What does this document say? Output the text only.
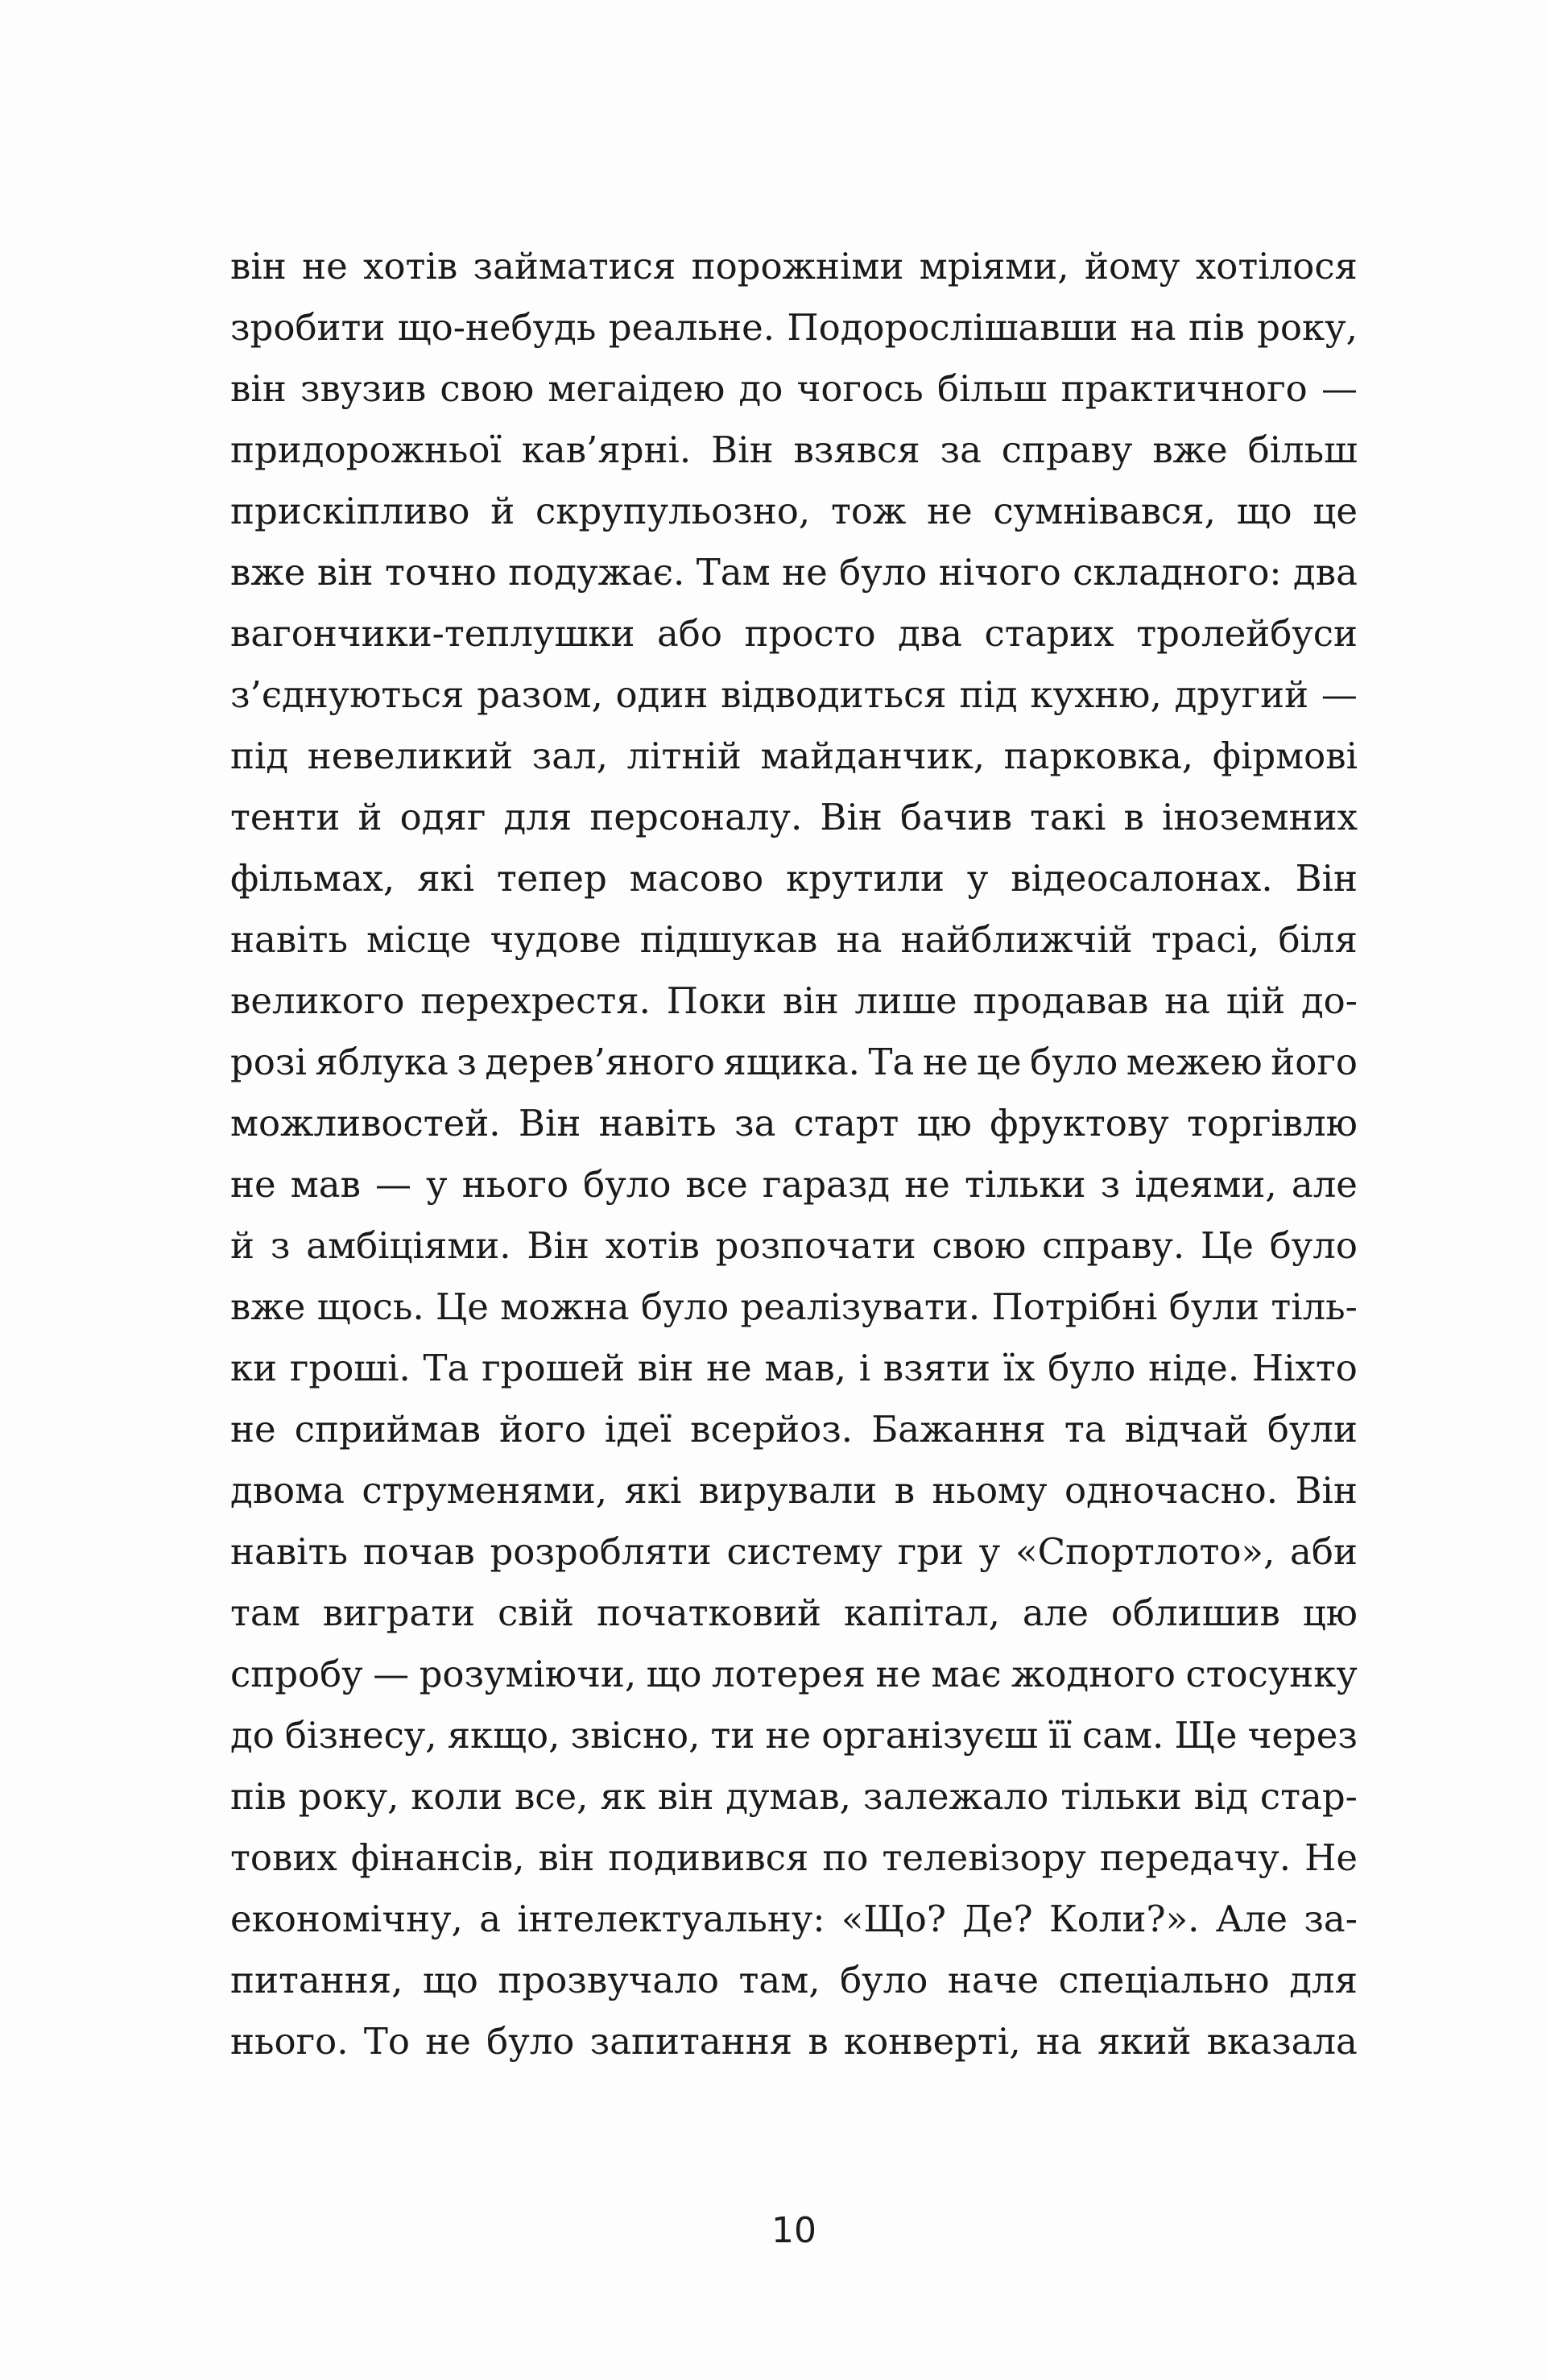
він не хотів займатися порожніми мріями, йому хотілося
зробити що-небудь реальне. Подорослішавши на пів року,
він звузив свою мегаідею до чогось більш практичного —
придорожньої кав’ярні. Він взявся за справу вже більш
прискіпливо й скрупульозно, тож не сумнівався, що це
вже він точно подужає. Там не було нічого складного: два
вагончики-теплушки або просто два старих тролейбуси
з’єднуються разом, один відводиться під кухню, другий —
під невеликий зал, літній майданчик, парковка, фірмові
тенти й одяг для персоналу. Він бачив такі в іноземних
фільмах, які тепер масово крутили у відеосалонах. Він
навіть місце чудове підшукав на найближчій трасі, біля
великого перехрестя. Поки він лише продавав на цій до-
розі яблука з дерев’яного ящика. Та не це було межею його
можливостей. Він навіть за старт цю фруктову торгівлю
не мав — у нього було все гаразд не тільки з ідеями, але
й з амбіціями. Він хотів розпочати свою справу. Це було
вже щось. Це можна було реалізувати. Потрібні були тіль-
ки гроші. Та грошей він не мав, і взяти їх було ніде. Ніхто
не сприймав його ідеї всерйоз. Бажання та відчай були
двома струменями, які вирували в ньому одночасно. Він
навіть почав розробляти систему гри у «Спортлото», аби
там виграти свій початковий капітал, але облишив цю
спробу — розуміючи, що лотерея не має жодного стосунку
до бізнесу, якщо, звісно, ти не організуєш її сам. Ще через
пів року, коли все, як він думав, залежало тільки від стар-
тових фінансів, він подивився по телевізору передачу. Не
економічну, а інтелектуальну: «Що? Де? Коли?». Але за-
питання, що прозвучало там, було наче спеціально для
нього. То не було запитання в конверті, на який вказала
10
